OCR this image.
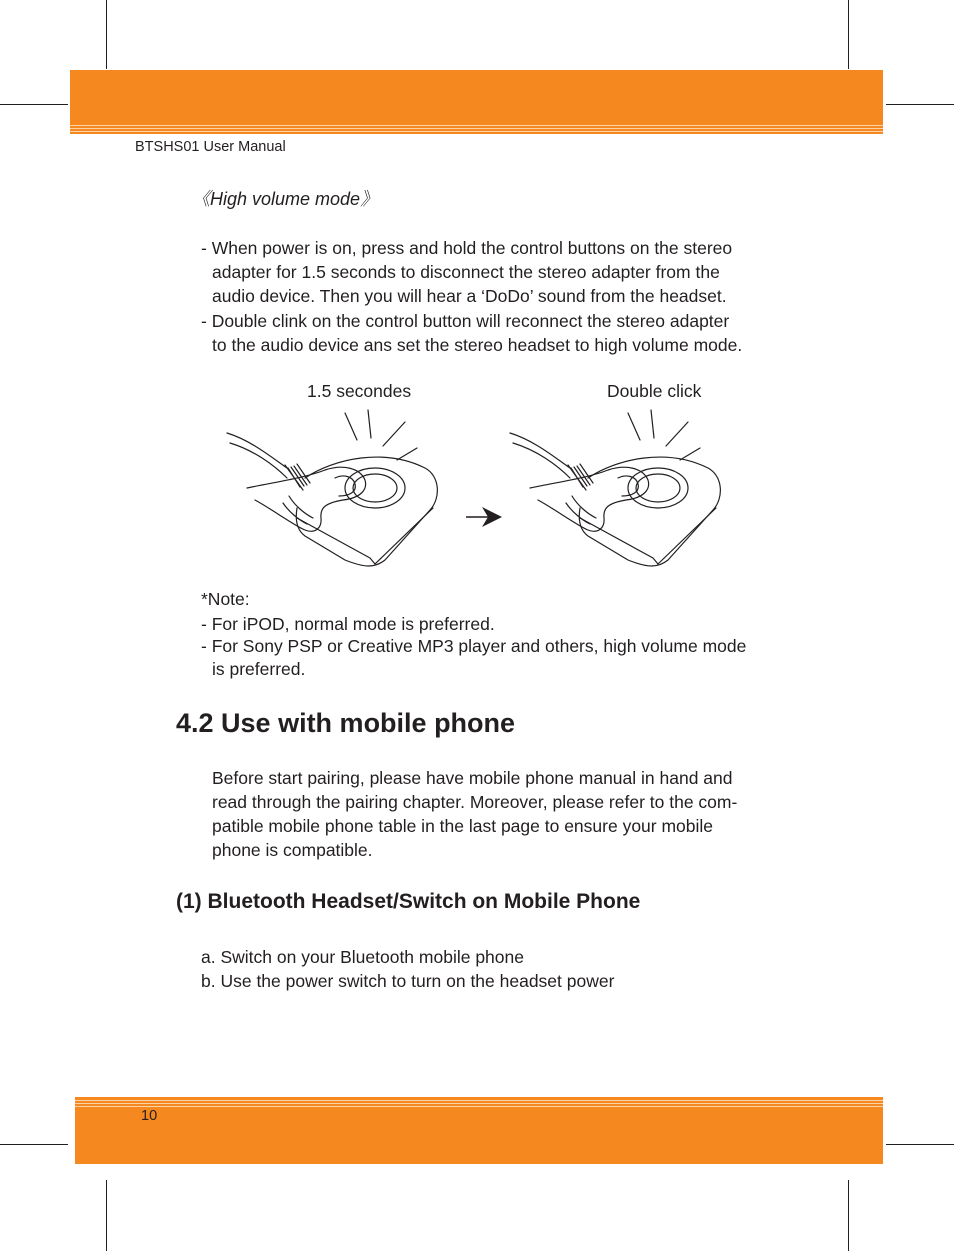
BTSHS01 User Manual

《High volume mode》

- When power is on, press and hold the control buttons on the stereo

adapter for 1.5 seconds to disconnect the stereo adapter from the

audio device. Then you will hear a ‘DoDo’ sound from the headset.

- Double clink on the control button will reconnect the stereo adapter

to the audio device ans set the stereo headset to high volume mode.

1.5 secondes	Double click

*Note:

- For iPOD, normal mode is preferred.

- For Sony PSP or Creative MP3 player and others, high volume mode

is preferred.

4.2 Use with mobile phone

Before start pairing, please have mobile phone manual in hand and

read through the pairing chapter. Moreover, please refer to the com-

patible mobile phone table in the last page to ensure your mobile

phone is compatible.

(1) Bluetooth Headset/Switch on Mobile Phone

a. Switch on your Bluetooth mobile phone

b. Use the power switch to turn on the headset power

10
